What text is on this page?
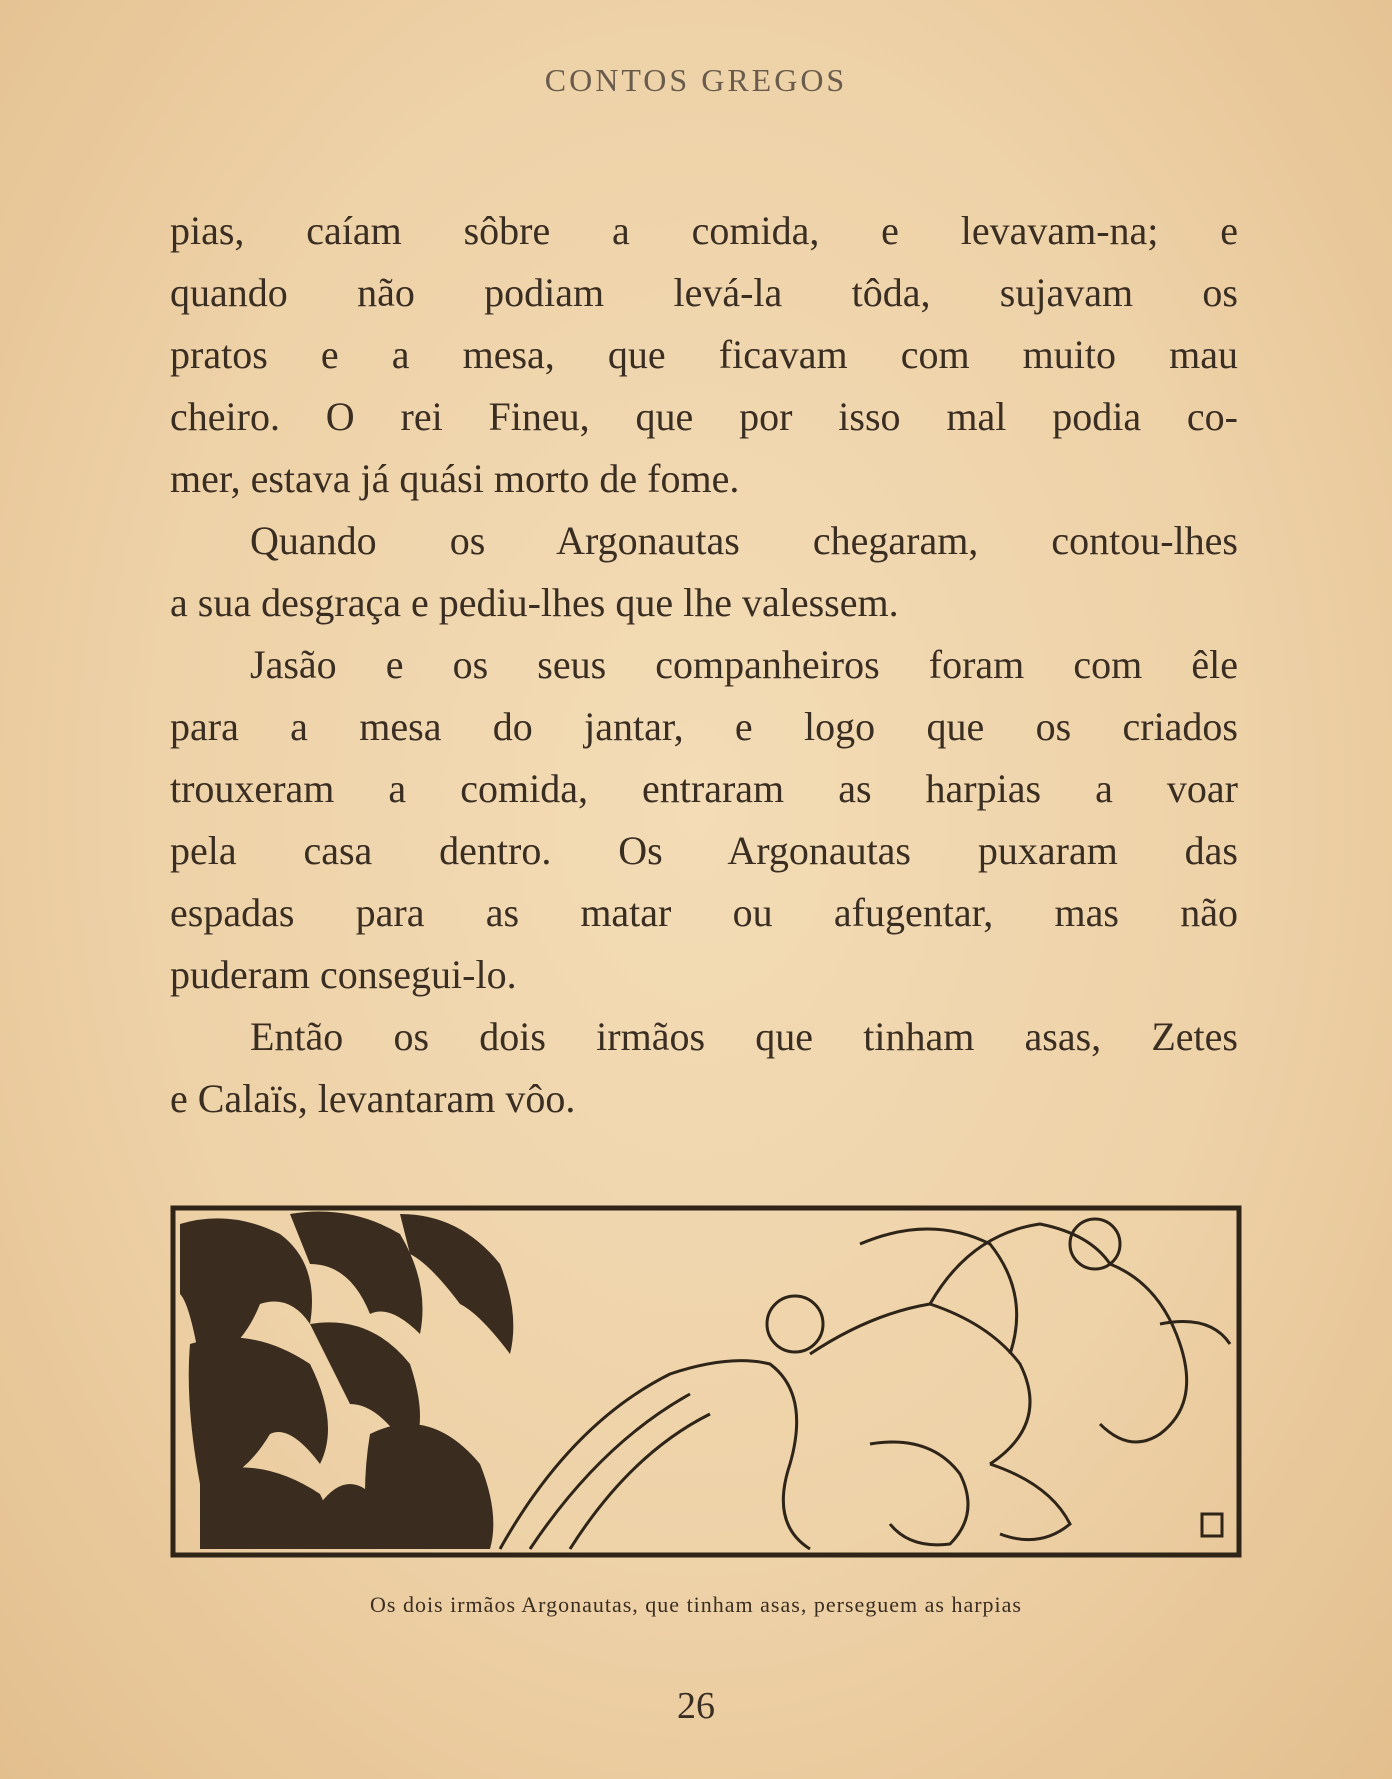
CONTOS GREGOS
pias, caíam sôbre a comida, e levavam-na; e
quando não podiam levá-la tôda, sujavam os
pratos e a mesa, que ficavam com muito mau
cheiro. O rei Fineu, que por isso mal podia co-
mer, estava já quási morto de fome.
Quando os Argonautas chegaram, contou-lhes
a sua desgraça e pediu-lhes que lhe valessem.
Jasão e os seus companheiros foram com êle
para a mesa do jantar, e logo que os criados
trouxeram a comida, entraram as harpias a voar
pela casa dentro. Os Argonautas puxaram das
espadas para as matar ou afugentar, mas não
puderam consegui-lo.
Então os dois irmãos que tinham asas, Zetes
e Calaïs, levantaram vôo.
Os dois irmãos Argonautas, que tinham asas, perseguem as harpias
26
